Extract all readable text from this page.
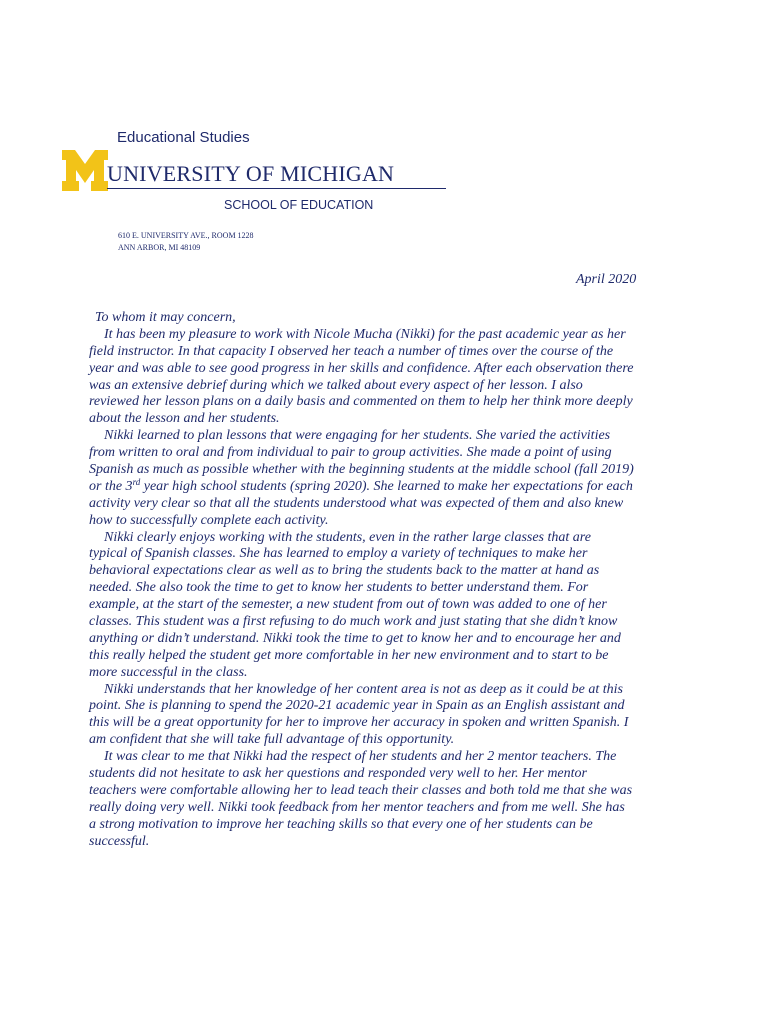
Educational Studies
UNIVERSITY OF MICHIGAN
SCHOOL OF EDUCATION
610 E. UNIVERSITY AVE., ROOM 1228
ANN ARBOR, MI 48109
April 2020
To whom it may concern,
It has been my pleasure to work with Nicole Mucha (Nikki) for the past academic year as her
field instructor. In that capacity I observed her teach a number of times over the course of the
year and was able to see good progress in her skills and confidence. After each observation there
was an extensive debrief during which we talked about every aspect of her lesson. I also
reviewed her lesson plans on a daily basis and commented on them to help her think more deeply
about the lesson and her students.
Nikki learned to plan lessons that were engaging for her students. She varied the activities
from written to oral and from individual to pair to group activities. She made a point of using
Spanish as much as possible whether with the beginning students at the middle school (fall 2019)
or the 3rd year high school students (spring 2020). She learned to make her expectations for each
activity very clear so that all the students understood what was expected of them and also knew
how to successfully complete each activity.
Nikki clearly enjoys working with the students, even in the rather large classes that are
typical of Spanish classes. She has learned to employ a variety of techniques to make her
behavioral expectations clear as well as to bring the students back to the matter at hand as
needed. She also took the time to get to know her students to better understand them. For
example, at the start of the semester, a new student from out of town was added to one of her
classes. This student was a first refusing to do much work and just stating that she didn’t know
anything or didn’t understand. Nikki took the time to get to know her and to encourage her and
this really helped the student get more comfortable in her new environment and to start to be
more successful in the class.
Nikki understands that her knowledge of her content area is not as deep as it could be at this
point. She is planning to spend the 2020-21 academic year in Spain as an English assistant and
this will be a great opportunity for her to improve her accuracy in spoken and written Spanish. I
am confident that she will take full advantage of this opportunity.
It was clear to me that Nikki had the respect of her students and her 2 mentor teachers. The
students did not hesitate to ask her questions and responded very well to her. Her mentor
teachers were comfortable allowing her to lead teach their classes and both told me that she was
really doing very well. Nikki took feedback from her mentor teachers and from me well. She has
a strong motivation to improve her teaching skills so that every one of her students can be
successful.
